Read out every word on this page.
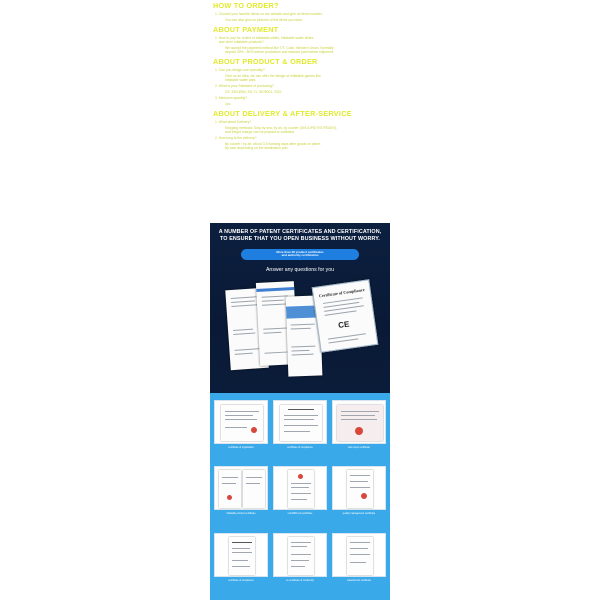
HOW TO ORDER?
1. Choose your favorite items on our website and give us items number.
You can also give us pictures of the items you want.
ABOUT PAYMENT
1. How to pay for orders of inflatable slides, inflatable water slides
and other inflatable products?
We accept the payment method like T/T, Cash, Western Union. Normally
deposit 30% - 50% before production and balance paid before shipment.
ABOUT PRODUCT & ORDER
1. Can you design one specially?
Give us an idea, we can offer the design of inflatable games like
inflatable water park.
2. What is your Standard of producing?
CE, EN14960, EN 71, ISO9001, SGS.
3. Minimum quantity?
1pc.
ABOUT DELIVERY & AFTER-SERVICE
1. What about Delivery?
Shipping methods: Ship by sea, by air, by courier (DHL/UPS/TNT/FEDEX),
and freight charge can be prepaid or collected.
2. How long is the delivery?
By courier / by air: about 3-5 working days after goods on plane.
By sea: depending on the destination port.
A NUMBER OF PATENT CERTIFICATES AND CERTIFICATION,
TO ENSURE THAT YOU OPEN BUSINESS WITHOUT WORRY.
More than 20 product certificates
and authority certification
Answer any questions for you
Certificate of Compliance
CE
certificate of registration	certificate of compliance	test report certificate
inflatable product certificate	en14960 test certificate	quality management certificate
certificate of compliance	ce certificate of conformity	material test certificate
